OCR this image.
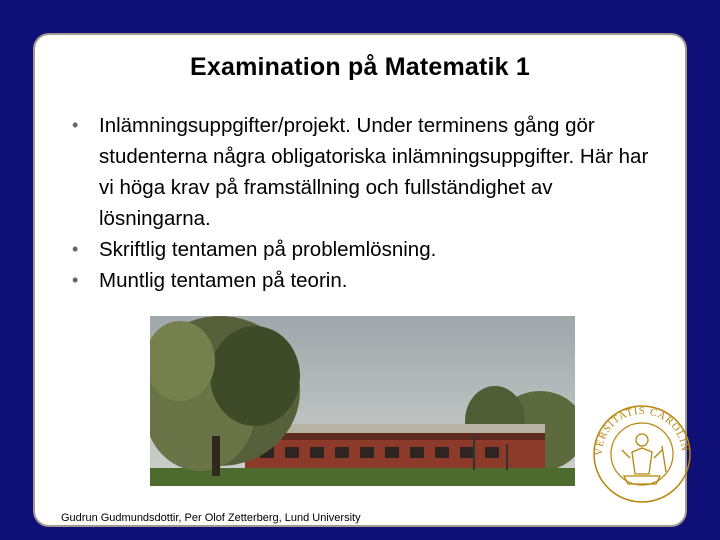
Examination på Matematik 1
• Inlämningsuppgifter/projekt. Under terminens gång gör studenterna några obligatoriska inlämningsuppgifter. Här har vi höga krav på framställning och fullständighet av lösningarna.
• Skriftlig tentamen på problemlösning.
• Muntlig tentamen på teorin.
VERSITATIS CAROLIN
Gudrun Gudmundsdottir, Per Olof Zetterberg, Lund University
